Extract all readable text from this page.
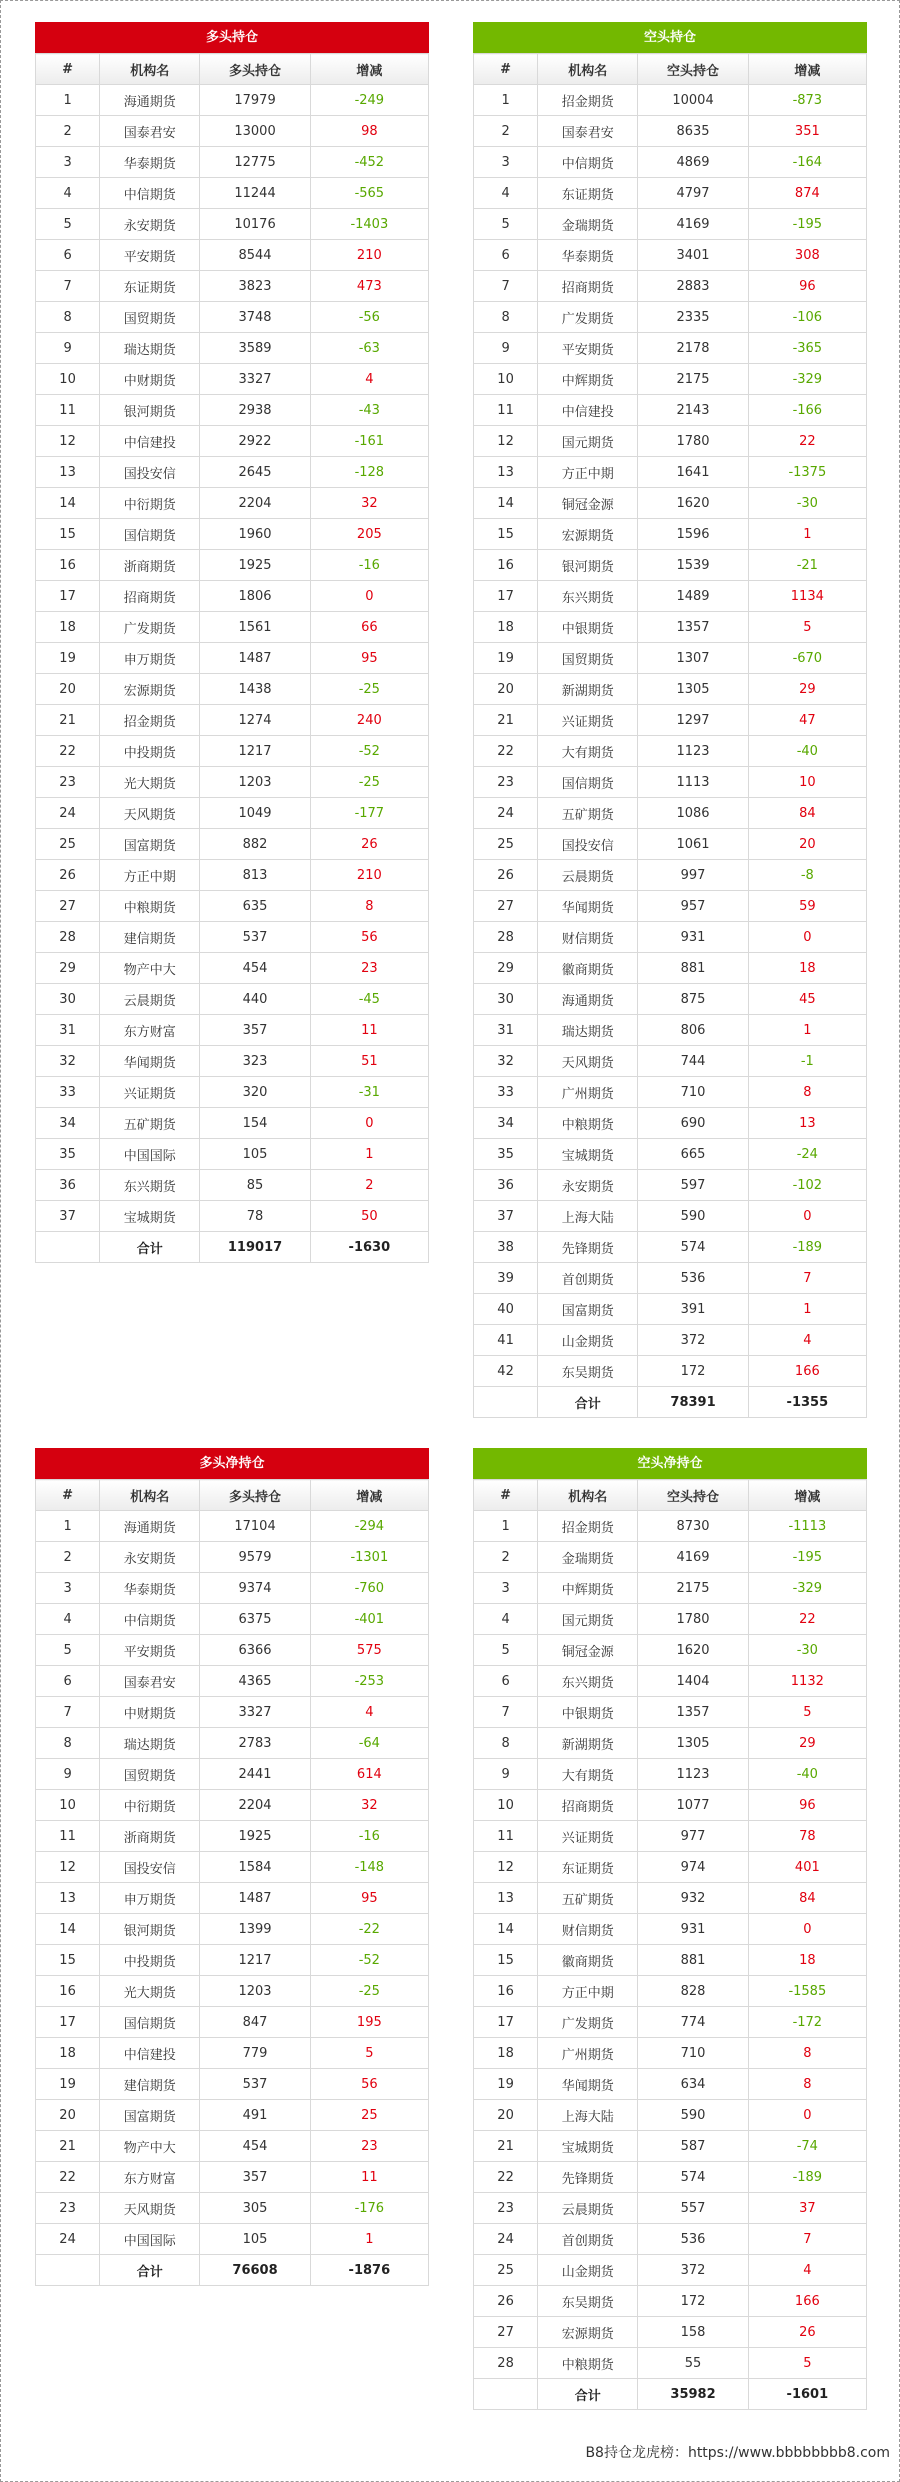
多头持仓
#	机构名	多头持仓	增减
1	海通期货	17979	-249
2	国泰君安	13000	98
3	华泰期货	12775	-452
4	中信期货	11244	-565
5	永安期货	10176	-1403
6	平安期货	8544	210
7	东证期货	3823	473
8	国贸期货	3748	-56
9	瑞达期货	3589	-63
10	中财期货	3327	4
11	银河期货	2938	-43
12	中信建投	2922	-161
13	国投安信	2645	-128
14	中衍期货	2204	32
15	国信期货	1960	205
16	浙商期货	1925	-16
17	招商期货	1806	0
18	广发期货	1561	66
19	申万期货	1487	95
20	宏源期货	1438	-25
21	招金期货	1274	240
22	中投期货	1217	-52
23	光大期货	1203	-25
24	天风期货	1049	-177
25	国富期货	882	26
26	方正中期	813	210
27	中粮期货	635	8
28	建信期货	537	56
29	物产中大	454	23
30	云晨期货	440	-45
31	东方财富	357	11
32	华闻期货	323	51
33	兴证期货	320	-31
34	五矿期货	154	0
35	中国国际	105	1
36	东兴期货	85	2
37	宝城期货	78	50
	合计	119017	-1630
空头持仓
#	机构名	空头持仓	增减
1	招金期货	10004	-873
2	国泰君安	8635	351
3	中信期货	4869	-164
4	东证期货	4797	874
5	金瑞期货	4169	-195
6	华泰期货	3401	308
7	招商期货	2883	96
8	广发期货	2335	-106
9	平安期货	2178	-365
10	中辉期货	2175	-329
11	中信建投	2143	-166
12	国元期货	1780	22
13	方正中期	1641	-1375
14	铜冠金源	1620	-30
15	宏源期货	1596	1
16	银河期货	1539	-21
17	东兴期货	1489	1134
18	中银期货	1357	5
19	国贸期货	1307	-670
20	新湖期货	1305	29
21	兴证期货	1297	47
22	大有期货	1123	-40
23	国信期货	1113	10
24	五矿期货	1086	84
25	国投安信	1061	20
26	云晨期货	997	-8
27	华闻期货	957	59
28	财信期货	931	0
29	徽商期货	881	18
30	海通期货	875	45
31	瑞达期货	806	1
32	天风期货	744	-1
33	广州期货	710	8
34	中粮期货	690	13
35	宝城期货	665	-24
36	永安期货	597	-102
37	上海大陆	590	0
38	先锋期货	574	-189
39	首创期货	536	7
40	国富期货	391	1
41	山金期货	372	4
42	东吴期货	172	166
	合计	78391	-1355
多头净持仓
#	机构名	多头持仓	增减
1	海通期货	17104	-294
2	永安期货	9579	-1301
3	华泰期货	9374	-760
4	中信期货	6375	-401
5	平安期货	6366	575
6	国泰君安	4365	-253
7	中财期货	3327	4
8	瑞达期货	2783	-64
9	国贸期货	2441	614
10	中衍期货	2204	32
11	浙商期货	1925	-16
12	国投安信	1584	-148
13	申万期货	1487	95
14	银河期货	1399	-22
15	中投期货	1217	-52
16	光大期货	1203	-25
17	国信期货	847	195
18	中信建投	779	5
19	建信期货	537	56
20	国富期货	491	25
21	物产中大	454	23
22	东方财富	357	11
23	天风期货	305	-176
24	中国国际	105	1
	合计	76608	-1876
空头净持仓
#	机构名	空头持仓	增减
1	招金期货	8730	-1113
2	金瑞期货	4169	-195
3	中辉期货	2175	-329
4	国元期货	1780	22
5	铜冠金源	1620	-30
6	东兴期货	1404	1132
7	中银期货	1357	5
8	新湖期货	1305	29
9	大有期货	1123	-40
10	招商期货	1077	96
11	兴证期货	977	78
12	东证期货	974	401
13	五矿期货	932	84
14	财信期货	931	0
15	徽商期货	881	18
16	方正中期	828	-1585
17	广发期货	774	-172
18	广州期货	710	8
19	华闻期货	634	8
20	上海大陆	590	0
21	宝城期货	587	-74
22	先锋期货	574	-189
23	云晨期货	557	37
24	首创期货	536	7
25	山金期货	372	4
26	东吴期货	172	166
27	宏源期货	158	26
28	中粮期货	55	5
	合计	35982	-1601
B8持仓龙虎榜：https://www.bbbbbbbb8.com
